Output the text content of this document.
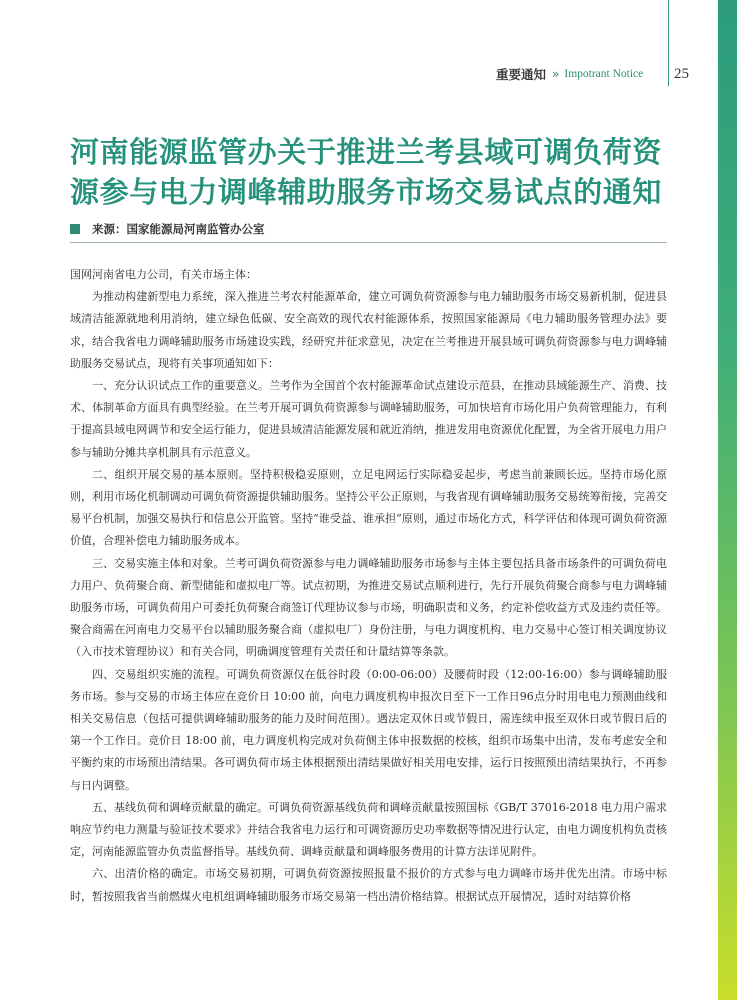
重要通知 » Impotrant Notice 25
河南能源监管办关于推进兰考县域可调负荷资
源参与电力调峰辅助服务市场交易试点的通知
来源：国家能源局河南监管办公室

国网河南省电力公司，有关市场主体：

为推动构建新型电力系统，深入推进兰考农村能源革命，建立可调负荷资源参与电力辅助服务市场交易新机制，促进县域清洁能源就地利用消纳，建立绿色低碳、安全高效的现代农村能源体系，按照国家能源局《电力辅助服务管理办法》要求，结合我省电力调峰辅助服务市场建设实践，经研究并征求意见，决定在兰考推进开展县域可调负荷资源参与电力调峰辅助服务交易试点，现将有关事项通知如下：

一、充分认识试点工作的重要意义。兰考作为全国首个农村能源革命试点建设示范县，在推动县域能源生产、消费、技术、体制革命方面具有典型经验。在兰考开展可调负荷资源参与调峰辅助服务，可加快培育市场化用户负荷管理能力，有利于提高县域电网调节和安全运行能力，促进县域清洁能源发展和就近消纳，推进发用电资源优化配置，为全省开展电力用户参与辅助分摊共享机制具有示范意义。

二、组织开展交易的基本原则。坚持积极稳妥原则，立足电网运行实际稳妥起步，考虑当前兼顾长远。坚持市场化原则，利用市场化机制调动可调负荷资源提供辅助服务。坚持公平公正原则，与我省现有调峰辅助服务交易统筹衔接，完善交易平台机制，加强交易执行和信息公开监管。坚持“谁受益、谁承担”原则，通过市场化方式，科学评估和体现可调负荷资源价值，合理补偿电力辅助服务成本。

三、交易实施主体和对象。兰考可调负荷资源参与电力调峰辅助服务市场参与主体主要包括具备市场条件的可调负荷电力用户、负荷聚合商、新型储能和虚拟电厂等。试点初期，为推进交易试点顺利进行，先行开展负荷聚合商参与电力调峰辅助服务市场，可调负荷用户可委托负荷聚合商签订代理协议参与市场，明确职责和义务，约定补偿收益方式及违约责任等。聚合商需在河南电力交易平台以辅助服务聚合商（虚拟电厂）身份注册，与电力调度机构、电力交易中心签订相关调度协议（入市技术管理协议）和有关合同，明确调度管理有关责任和计量结算等条款。

四、交易组织实施的流程。可调负荷资源仅在低谷时段（0:00-06:00）及腰荷时段（12:00-16:00）参与调峰辅助服务市场。参与交易的市场主体应在竞价日 10:00 前，向电力调度机构申报次日至下一工作日96点分时用电电力预测曲线和相关交易信息（包括可提供调峰辅助服务的能力及时间范围）。遇法定双休日或节假日，需连续申报至双休日或节假日后的第一个工作日。竞价日 18:00 前，电力调度机构完成对负荷侧主体申报数据的校核，组织市场集中出清，发布考虑安全和平衡约束的市场预出清结果。各可调负荷市场主体根据预出清结果做好相关用电安排，运行日按照预出清结果执行，不再参与日内调整。

五、基线负荷和调峰贡献量的确定。可调负荷资源基线负荷和调峰贡献量按照国标《GB/T 37016-2018 电力用户需求响应节约电力测量与验证技术要求》并结合我省电力运行和可调资源历史功率数据等情况进行认定，由电力调度机构负责核定，河南能源监管办负责监督指导。基线负荷、调峰贡献量和调峰服务费用的计算方法详见附件。

六、出清价格的确定。市场交易初期，可调负荷资源按照报量不报价的方式参与电力调峰市场并优先出清。市场中标时，暂按照我省当前燃煤火电机组调峰辅助服务市场交易第一档出清价格结算。根据试点开展情况，适时对结算价格
